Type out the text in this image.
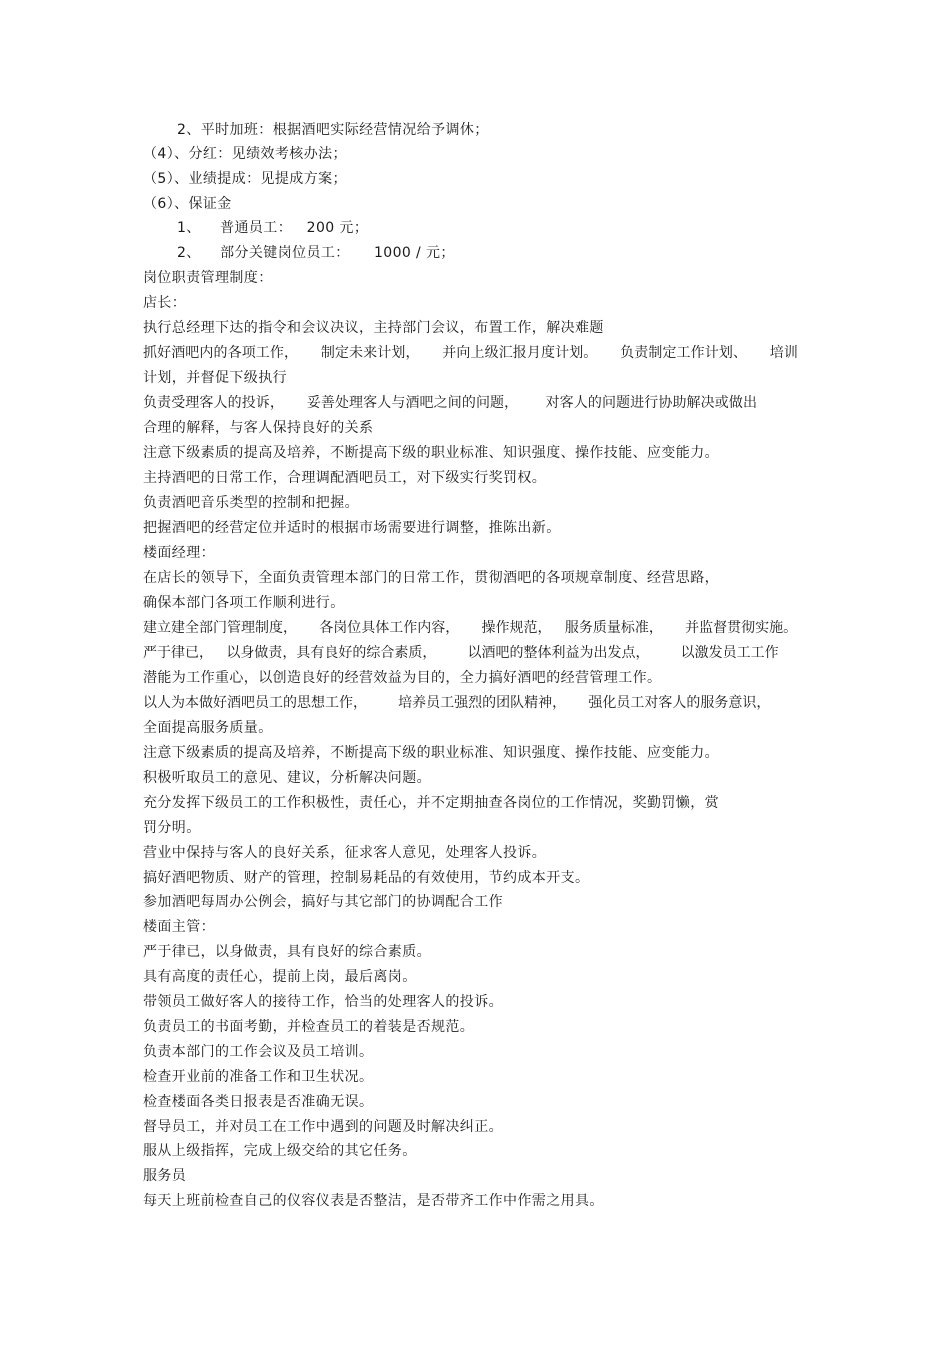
2、平时加班：根据酒吧实际经营情况给予调休；

（4）、分红：见绩效考核办法；

（5）、业绩提成：见提成方案；

（6）、保证金

1、    普通员工：   200 元；

2、    部分关键岗位员工：     1000 / 元；

岗位职责管理制度：

店长：

执行总经理下达的指令和会议决议，主持部门会议，布置工作，解决难题

抓好酒吧内的各项工作，     制定未来计划，     并向上级汇报月度计划。     负责制定工作计划、     培训

计划，并督促下级执行

负责受理客人的投诉，     妥善处理客人与酒吧之间的问题，      对客人的问题进行协助解决或做出

合理的解释，与客人保持良好的关系

注意下级素质的提高及培养，不断提高下级的职业标准、知识强度、操作技能、应变能力。

主持酒吧的日常工作，合理调配酒吧员工，对下级实行奖罚权。

负责酒吧音乐类型的控制和把握。

把握酒吧的经营定位并适时的根据市场需要进行调整，推陈出新。

楼面经理：

在店长的领导下，全面负责管理本部门的日常工作，贯彻酒吧的各项规章制度、经营思路，

确保本部门各项工作顺利进行。

建立建全部门管理制度，     各岗位具体工作内容，     操作规范，   服务质量标准，     并监督贯彻实施。

严于律已，   以身做责，具有良好的综合素质，       以酒吧的整体利益为出发点，       以激发员工工作

潜能为工作重心，以创造良好的经营效益为目的，全力搞好酒吧的经营管理工作。

以人为本做好酒吧员工的思想工作，       培养员工强烈的团队精神，     强化员工对客人的服务意识，

全面提高服务质量。

注意下级素质的提高及培养，不断提高下级的职业标准、知识强度、操作技能、应变能力。

积极听取员工的意见、建议，分析解决问题。

充分发挥下级员工的工作积极性，责任心，并不定期抽查各岗位的工作情况，奖勤罚懒，赏

罚分明。

营业中保持与客人的良好关系，征求客人意见，处理客人投诉。

搞好酒吧物质、财产的管理，控制易耗品的有效使用，节约成本开支。

参加酒吧每周办公例会，搞好与其它部门的协调配合工作

楼面主管：

严于律已，以身做责，具有良好的综合素质。

具有高度的责任心，提前上岗，最后离岗。

带领员工做好客人的接待工作，恰当的处理客人的投诉。

负责员工的书面考勤，并检查员工的着装是否规范。

负责本部门的工作会议及员工培训。

检查开业前的准备工作和卫生状况。

检查楼面各类日报表是否准确无误。

督导员工，并对员工在工作中遇到的问题及时解决纠正。

服从上级指挥，完成上级交给的其它任务。

服务员

每天上班前检查自己的仪容仪表是否整洁，是否带齐工作中作需之用具。
